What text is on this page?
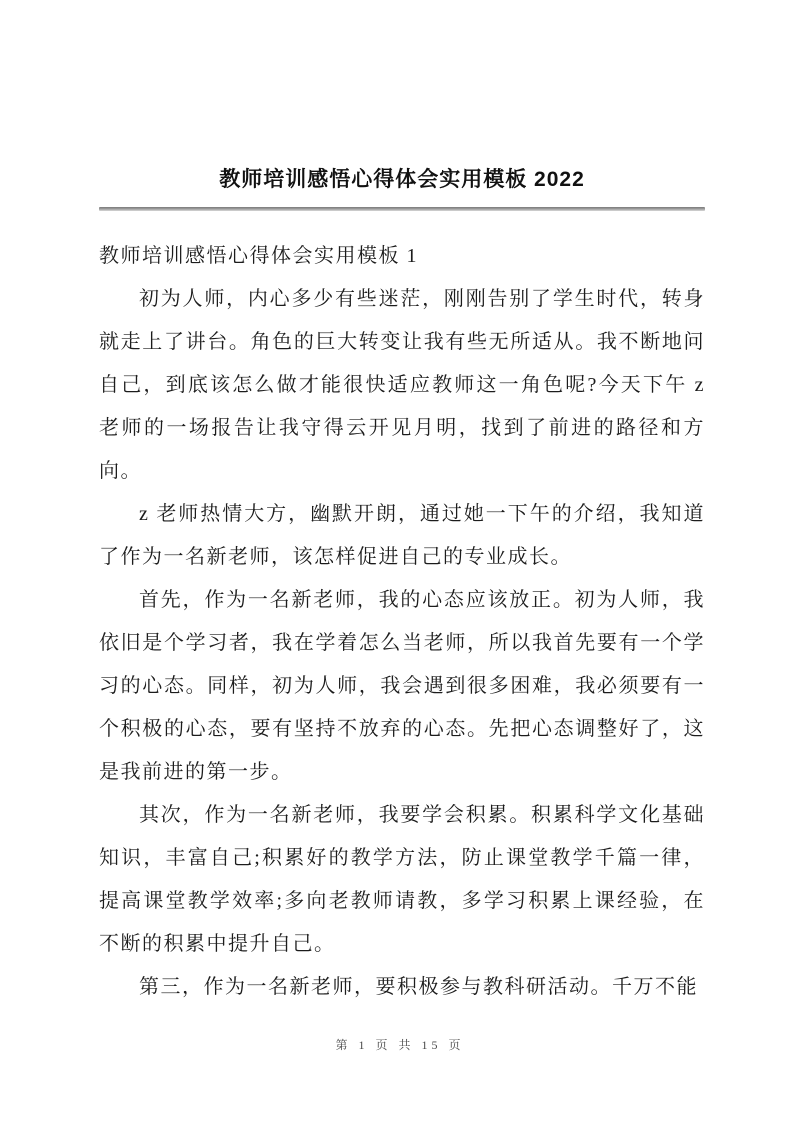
教师培训感悟心得体会实用模板 2022

教师培训感悟心得体会实用模板 1

初为人师，内心多少有些迷茫，刚刚告别了学生时代，转身就走上了讲台。角色的巨大转变让我有些无所适从。我不断地问自己，到底该怎么做才能很快适应教师这一角色呢?今天下午 z 老师的一场报告让我守得云开见月明，找到了前进的路径和方向。

z 老师热情大方，幽默开朗，通过她一下午的介绍，我知道了作为一名新老师，该怎样促进自己的专业成长。

首先，作为一名新老师，我的心态应该放正。初为人师，我依旧是个学习者，我在学着怎么当老师，所以我首先要有一个学习的心态。同样，初为人师，我会遇到很多困难，我必须要有一个积极的心态，要有坚持不放弃的心态。先把心态调整好了，这是我前进的第一步。

其次，作为一名新老师，我要学会积累。积累科学文化基础知识，丰富自己;积累好的教学方法，防止课堂教学千篇一律，提高课堂教学效率;多向老教师请教，多学习积累上课经验，在不断的积累中提升自己。

第三，作为一名新老师，要积极参与教科研活动。千万不能

第 1 页 共 15 页
